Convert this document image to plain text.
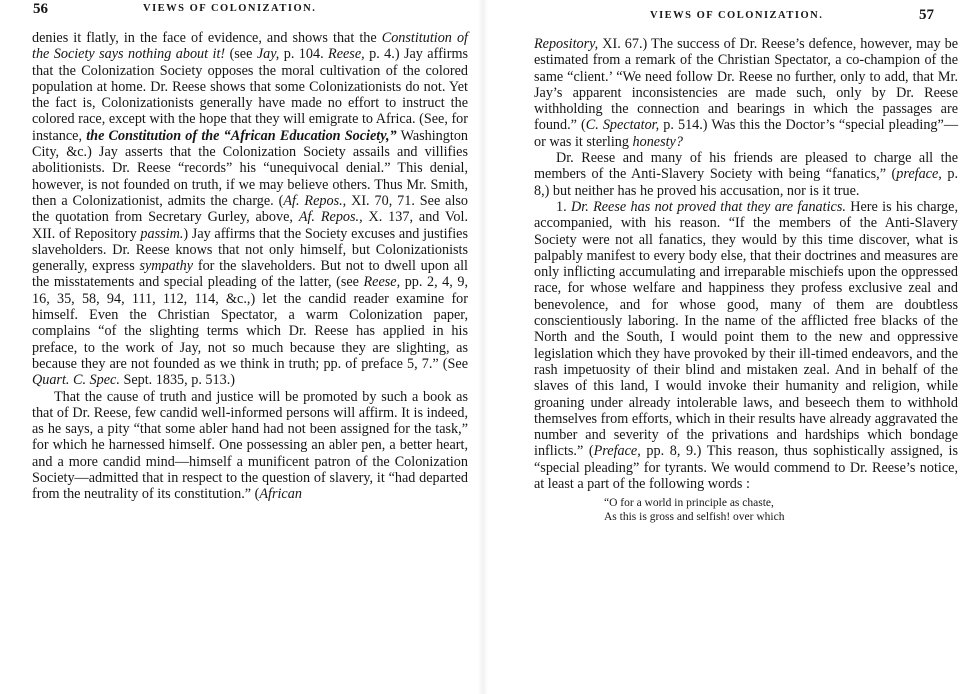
56	VIEWS OF COLONIZATION.

denies it flatly, in the face of evidence, and shows that the Constitution of the Society says nothing about it! (see Jay, p. 104. Reese, p. 4.) Jay affirms that the Colonization Society opposes the moral cultivation of the colored population at home. Dr. Reese shows that some Colonizationists do not. Yet the fact is, Colonizationists generally have made no effort to instruct the colored race, except with the hope that they will emigrate to Africa. (See, for instance, the Constitution of the “African Education Society,” Washington City, &c.) Jay asserts that the Colonization Society assails and villifies abolitionists. Dr. Reese “records” his “unequivocal denial.” This denial, however, is not founded on truth, if we may believe others. Thus Mr. Smith, then a Colonizationist, admits the charge. (Af. Repos., XI. 70, 71. See also the quotation from Secretary Gurley, above, Af. Repos., X. 137, and Vol. XII. of Repository passim.) Jay affirms that the Society excuses and justifies slaveholders. Dr. Reese knows that not only himself, but Colonizationists generally, express sympathy for the slaveholders. But not to dwell upon all the misstatements and special pleading of the latter, (see Reese, pp. 2, 4, 9, 16, 35, 58, 94, 111, 112, 114, &c.,) let the candid reader examine for himself. Even the Christian Spectator, a warm Colonization paper, complains “of the slighting terms which Dr. Reese has applied in his preface, to the work of Jay, not so much because they are slighting, as because they are not founded as we think in truth; pp. of preface 5, 7.” (See Quart. C. Spec. Sept. 1835, p. 513.)

That the cause of truth and justice will be promoted by such a book as that of Dr. Reese, few candid well-informed persons will affirm. It is indeed, as he says, a pity “that some abler hand had not been assigned for the task,” for which he harnessed himself. One possessing an abler pen, a better heart, and a more candid mind—himself a munificent patron of the Colonization Society—admitted that in respect to the question of slavery, it “had departed from the neutrality of its constitution.” (African

VIEWS OF COLONIZATION.	57

Repository, XI. 67.) The success of Dr. Reese’s defence, however, may be estimated from a remark of the Christian Spectator, a co-champion of the same “client.’ “We need follow Dr. Reese no further, only to add, that Mr. Jay’s apparent inconsistencies are made such, only by Dr. Reese withholding the connection and bearings in which the passages are found.” (C. Spectator, p. 514.) Was this the Doctor’s “special pleading”—or was it sterling honesty?

Dr. Reese and many of his friends are pleased to charge all the members of the Anti-Slavery Society with being “fanatics,” (preface, p. 8,) but neither has he proved his accusation, nor is it true.

1. Dr. Reese has not proved that they are fanatics. Here is his charge, accompanied, with his reason. “If the members of the Anti-Slavery Society were not all fanatics, they would by this time discover, what is palpably manifest to every body else, that their doctrines and measures are only inflicting accumulating and irreparable mischiefs upon the oppressed race, for whose welfare and happiness they profess exclusive zeal and benevolence, and for whose good, many of them are doubtless conscientiously laboring. In the name of the afflicted free blacks of the North and the South, I would point them to the new and oppressive legislation which they have provoked by their ill-timed endeavors, and the rash impetuosity of their blind and mistaken zeal. And in behalf of the slaves of this land, I would invoke their humanity and religion, while groaning under already intolerable laws, and beseech them to withhold themselves from efforts, which in their results have already aggravated the number and severity of the privations and hardships which bondage inflicts.” (Preface, pp. 8, 9.) This reason, thus sophistically assigned, is “special pleading” for tyrants. We would commend to Dr. Reese’s notice, at least a part of the following words :

“O for a world in principle as chaste,

As this is gross and selfish! over which
